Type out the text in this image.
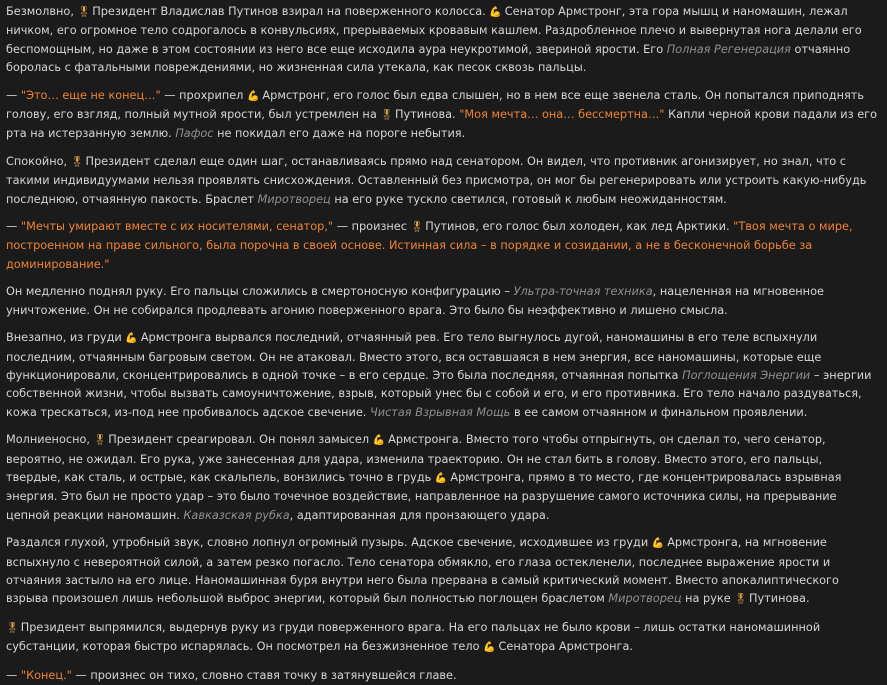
Безмолвно, 🎖 Президент Владислав Путинов взирал на поверженного колосса. 💪 Сенатор Армстронг, эта гора мышц и наномашин, лежал ничком, его огромное тело содрогалось в конвульсиях, прерываемых кровавым кашлем. Раздробленное плечо и вывернутая нога делали его беспомощным, но даже в этом состоянии из него все еще исходила аура неукротимой, звериной ярости. Его Полная Регенерация отчаянно боролась с фатальными повреждениями, но жизненная сила утекала, как песок сквозь пальцы.

— "Это… еще не конец…" — прохрипел 💪 Армстронг, его голос был едва слышен, но в нем все еще звенела сталь. Он попытался приподнять голову, его взгляд, полный мутной ярости, был устремлен на 🎖 Путинова. "Моя мечта… она… бессмертна…" Капли черной крови падали из его рта на истерзанную землю. Пафос не покидал его даже на пороге небытия.

Спокойно, 🎖 Президент сделал еще один шаг, останавливаясь прямо над сенатором. Он видел, что противник агонизирует, но знал, что с такими индивидуумами нельзя проявлять снисхождения. Оставленный без присмотра, он мог бы регенерировать или устроить какую-нибудь последнюю, отчаянную пакость. Браслет Миротворец на его руке тускло светился, готовый к любым неожиданностям.

— "Мечты умирают вместе с их носителями, сенатор," — произнес 🎖 Путинов, его голос был холоден, как лед Арктики. "Твоя мечта о мире, построенном на праве сильного, была порочна в своей основе. Истинная сила – в порядке и созидании, а не в бесконечной борьбе за доминирование."

Он медленно поднял руку. Его пальцы сложились в смертоносную конфигурацию – Ультра-точная техника, нацеленная на мгновенное уничтожение. Он не собирался продлевать агонию поверженного врага. Это было бы неэффективно и лишено смысла.

Внезапно, из груди 💪 Армстронга вырвался последний, отчаянный рев. Его тело выгнулось дугой, наномашины в его теле вспыхнули последним, отчаянным багровым светом. Он не атаковал. Вместо этого, вся оставшаяся в нем энергия, все наномашины, которые еще функционировали, сконцентрировались в одной точке – в его сердце. Это была последняя, отчаянная попытка Поглощения Энергии – энергии собственной жизни, чтобы вызвать самоуничтожение, взрыв, который унес бы с собой и его, и его противника. Его тело начало раздуваться, кожа трескаться, из-под нее пробивалось адское свечение. Чистая Взрывная Мощь в ее самом отчаянном и финальном проявлении.

Молниеносно, 🎖 Президент среагировал. Он понял замысел 💪 Армстронга. Вместо того чтобы отпрыгнуть, он сделал то, чего сенатор, вероятно, не ожидал. Его рука, уже занесенная для удара, изменила траекторию. Он не стал бить в голову. Вместо этого, его пальцы, твердые, как сталь, и острые, как скальпель, вонзились точно в грудь 💪 Армстронга, прямо в то место, где концентрировалась взрывная энергия. Это был не просто удар – это было точечное воздействие, направленное на разрушение самого источника силы, на прерывание цепной реакции наномашин. Кавказская рубка, адаптированная для пронзающего удара.

Раздался глухой, утробный звук, словно лопнул огромный пузырь. Адское свечение, исходившее из груди 💪 Армстронга, на мгновение вспыхнуло с невероятной силой, а затем резко погасло. Тело сенатора обмякло, его глаза остекленели, последнее выражение ярости и отчаяния застыло на его лице. Наномашинная буря внутри него была прервана в самый критический момент. Вместо апокалиптического взрыва произошел лишь небольшой выброс энергии, который был полностью поглощен браслетом Миротворец на руке 🎖 Путинова.

🎖 Президент выпрямился, выдернув руку из груди поверженного врага. На его пальцах не было крови – лишь остатки наномашинной субстанции, которая быстро испарялась. Он посмотрел на безжизненное тело 💪 Сенатора Армстронга.

— "Конец." — произнес он тихо, словно ставя точку в затянувшейся главе.
